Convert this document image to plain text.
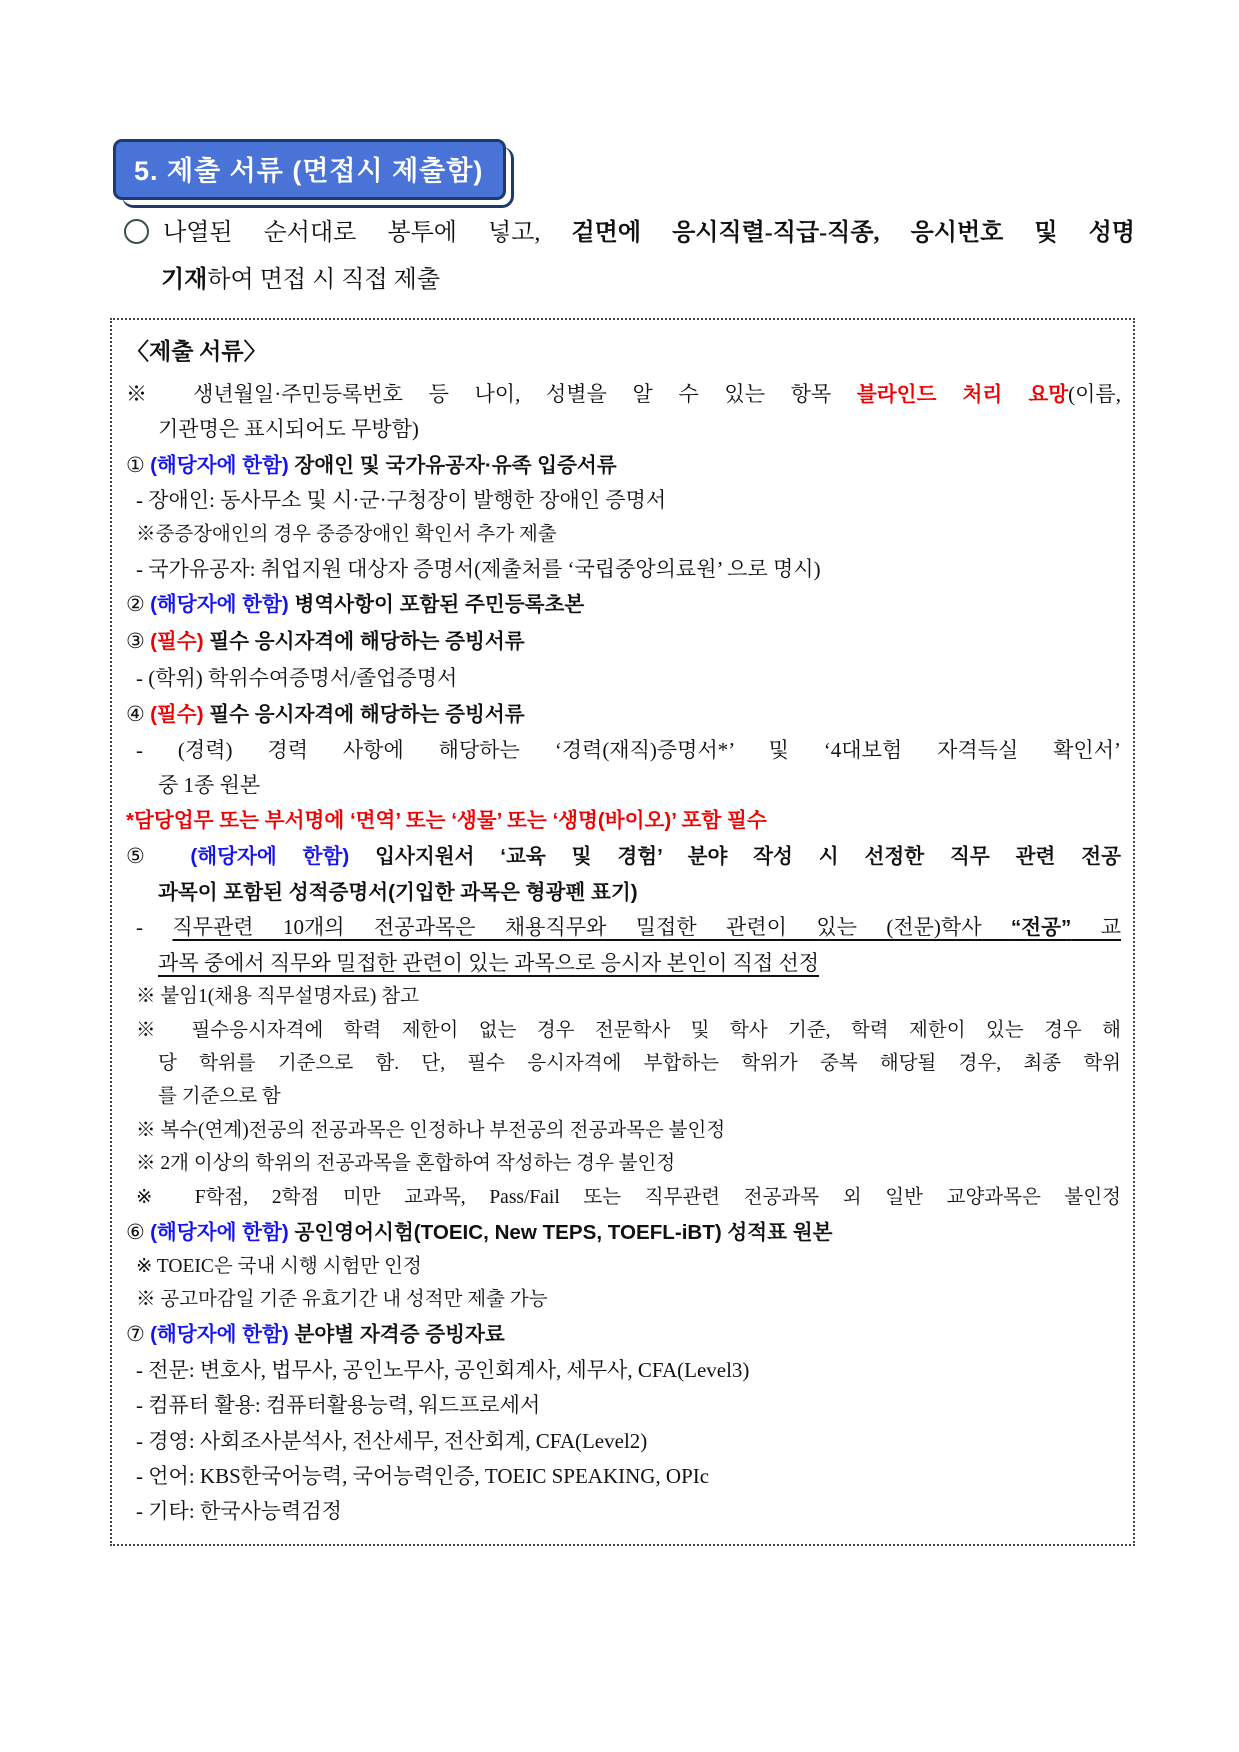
5. 제출 서류 (면접시 제출함)
나열된 순서대로 봉투에 넣고, 겉면에 응시직렬-직급-직종, 응시번호 및 성명
기재하여 면접 시 직접 제출
〈제출 서류〉
※ 생년월일·주민등록번호 등 나이, 성별을 알 수 있는 항목 블라인드 처리 요망(이름,
기관명은 표시되어도 무방함)
① (해당자에 한함) 장애인 및 국가유공자·유족 입증서류
- 장애인: 동사무소 및 시·군·구청장이 발행한 장애인 증명서
※중증장애인의 경우 중증장애인 확인서 추가 제출
- 국가유공자: 취업지원 대상자 증명서(제출처를 ‘국립중앙의료원’ 으로 명시)
② (해당자에 한함) 병역사항이 포함된 주민등록초본
③ (필수) 필수 응시자격에 해당하는 증빙서류
- (학위) 학위수여증명서/졸업증명서
④ (필수) 필수 응시자격에 해당하는 증빙서류
- (경력) 경력 사항에 해당하는 ‘경력(재직)증명서*’ 및 ‘4대보험 자격득실 확인서’
중 1종 원본
*담당업무 또는 부서명에 ‘면역’ 또는 ‘생물’ 또는 ‘생명(바이오)’ 포함 필수
⑤ (해당자에 한함) 입사지원서 ‘교육 및 경험’ 분야 작성 시 선정한 직무 관련 전공
과목이 포함된 성적증명서(기입한 과목은 형광펜 표기)
- 직무관련 10개의 전공과목은 채용직무와 밀접한 관련이 있는 (전문)학사 “전공” 교
과목 중에서 직무와 밀접한 관련이 있는 과목으로 응시자 본인이 직접 선정
※ 붙임1(채용 직무설명자료) 참고
※ 필수응시자격에 학력 제한이 없는 경우 전문학사 및 학사 기준, 학력 제한이 있는 경우 해
당 학위를 기준으로 함. 단, 필수 응시자격에 부합하는 학위가 중복 해당될 경우, 최종 학위
를 기준으로 함
※ 복수(연계)전공의 전공과목은 인정하나 부전공의 전공과목은 불인정
※ 2개 이상의 학위의 전공과목을 혼합하여 작성하는 경우 불인정
※ F학점, 2학점 미만 교과목, Pass/Fail 또는 직무관련 전공과목 외 일반 교양과목은 불인정
⑥ (해당자에 한함) 공인영어시험(TOEIC, New TEPS, TOEFL-iBT) 성적표 원본
※ TOEIC은 국내 시행 시험만 인정
※ 공고마감일 기준 유효기간 내 성적만 제출 가능
⑦ (해당자에 한함) 분야별 자격증 증빙자료
- 전문: 변호사, 법무사, 공인노무사, 공인회계사, 세무사, CFA(Level3)
- 컴퓨터 활용: 컴퓨터활용능력, 워드프로세서
- 경영: 사회조사분석사, 전산세무, 전산회계, CFA(Level2)
- 언어: KBS한국어능력, 국어능력인증, TOEIC SPEAKING, OPIc
- 기타: 한국사능력검정
